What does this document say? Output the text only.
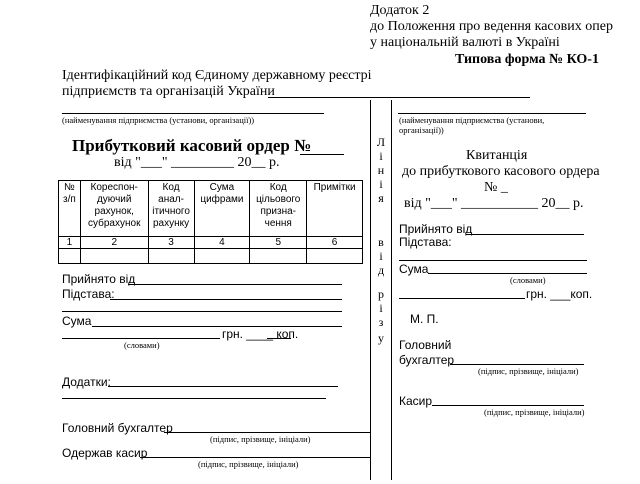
Додаток 2
до Положення про ведення касових опер
у національній валюті в Україні
Типова форма № КО-1
Ідентифікаційний код Єдиному державному реєстрі
підприємств та організацій України
(найменування підприємства (установи, організації))
Прибутковий касовий ордер №
від "___" _________ 20__ р.
№ з/п	Кореспон-дуючий рахунок, субрахунок	Код анал-ітичного рахунку	Сума цифрами	Код цільового призна-чення	Примітки
1	2	3	4	5	6

Прийнято від
Підстава:
Сума
грн. ____ коп.
(словами)
Додатки:
Головний бухгалтер
(підпис, прізвище, ініціали)
Одержав касир
(підпис, прізвище, ініціали)
Л
і
н
і
я
в
і
д
р
і
з
у
(найменування підприємства (установи,
організації))
Квитанція
до прибуткового касового ордера
№ _
від "___" ___________ 20__ р.
Прийнято від
Підстава:
Сума
(словами)
грн. ___коп.
М. П.
Головний
бухгалтер
(підпис, прізвище, ініціали)
Касир
(підпис, прізвище, ініціали)
